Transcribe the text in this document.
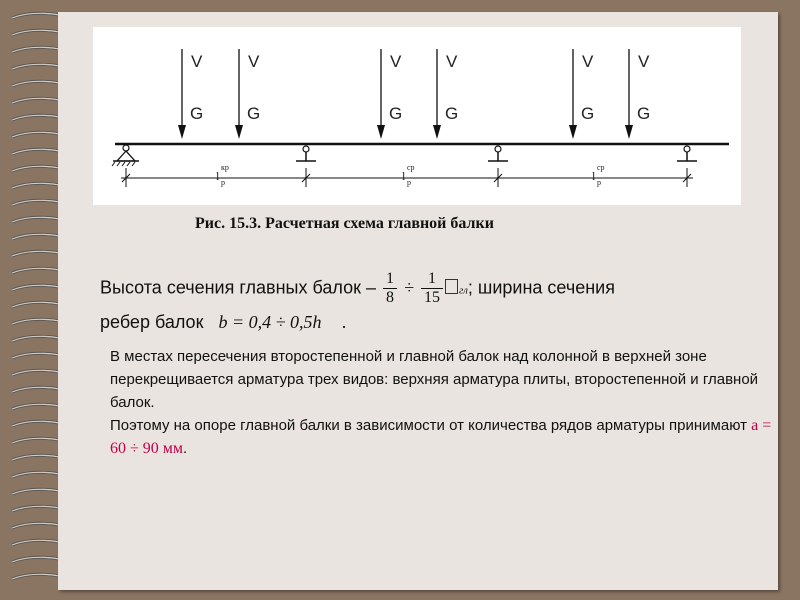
V
G
V
G
V
G
V
G
V
G
V
G
l p
кр
l p
ср
l p
ср
Рис. 15.3. Расчетная схема главной балки
Высота сечения главных балок – $\frac{1}{8} \div \frac{1}{15}$ гл; ширина сечения
ребер балок b = 0,4 ÷ 0,5h .

В местах пересечения второстепенной и главной балок над колонной в верхней зоне перекрещивается арматура трех видов: верхняя арматура плиты, второстепенной и главной балок.

Поэтому на опоре главной балки в зависимости от количества рядов арматуры принимают а = 60 ÷ 90 мм.
